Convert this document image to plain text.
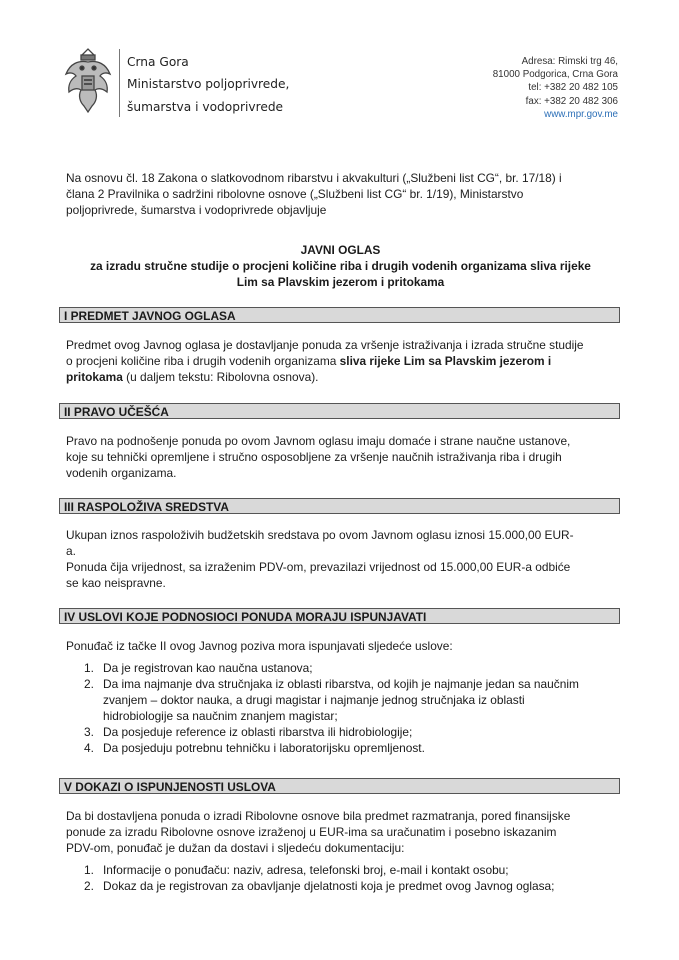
Crna Gora
Ministarstvo poljoprivrede,
šumarstva i vodoprivrede
Adresa: Rimski trg 46,
81000 Podgorica, Crna Gora
tel: +382 20 482 105
fax: +382 20 482 306
www.mpr.gov.me
Na osnovu čl. 18 Zakona o slatkovodnom ribarstvu i akvakulturi („Službeni list CG“, br. 17/18) i
člana 2 Pravilnika o sadržini ribolovne osnove („Službeni list CG“ br. 1/19), Ministarstvo
poljoprivrede, šumarstva i vodoprivrede objavljuje
JAVNI OGLAS
za izradu stručne studije o procjeni količine riba i drugih vodenih organizama sliva rijeke
Lim sa Plavskim jezerom i pritokama
I PREDMET JAVNOG OGLASA
Predmet ovog Javnog oglasa je dostavljanje ponuda za vršenje istraživanja i izrada stručne studije
o procjeni količine riba i drugih vodenih organizama sliva rijeke Lim sa Plavskim jezerom i
pritokama (u daljem tekstu: Ribolovna osnova).
II PRAVO UČEŠĆA
Pravo na podnošenje ponuda po ovom Javnom oglasu imaju domaće i strane naučne ustanove,
koje su tehnički opremljene i stručno osposobljene za vršenje naučnih istraživanja riba i drugih
vodenih organizama.
III RASPOLOŽIVA SREDSTVA
Ukupan iznos raspoloživih budžetskih sredstava po ovom Javnom oglasu iznosi 15.000,00 EUR-
a.
Ponuda čija vrijednost, sa izraženim PDV-om, prevazilazi vrijednost od 15.000,00 EUR-a odbiće
se kao neispravne.
IV USLOVI KOJE PODNOSIOCI PONUDA MORAJU ISPUNJAVATI
Ponuđač iz tačke II ovog Javnog poziva mora ispunjavati sljedeće uslove:
1. Da je registrovan kao naučna ustanova;
2. Da ima najmanje dva stručnjaka iz oblasti ribarstva, od kojih je najmanje jedan sa naučnim
zvanjem – doktor nauka, a drugi magistar i najmanje jednog stručnjaka iz oblasti
hidrobiologije sa naučnim znanjem magistar;
3. Da posjeduje reference iz oblasti ribarstva ili hidrobiologije;
4. Da posjeduju potrebnu tehničku i laboratorijsku opremljenost.
V DOKAZI O ISPUNJENOSTI USLOVA
Da bi dostavljena ponuda o izradi Ribolovne osnove bila predmet razmatranja, pored finansijske
ponude za izradu Ribolovne osnove izraženoj u EUR-ima sa uračunatim i posebno iskazanim
PDV-om, ponuđač je dužan da dostavi i sljedeću dokumentaciju:
1. Informacije o ponuđaču: naziv, adresa, telefonski broj, e-mail i kontakt osobu;
2. Dokaz da je registrovan za obavljanje djelatnosti koja je predmet ovog Javnog oglasa;
